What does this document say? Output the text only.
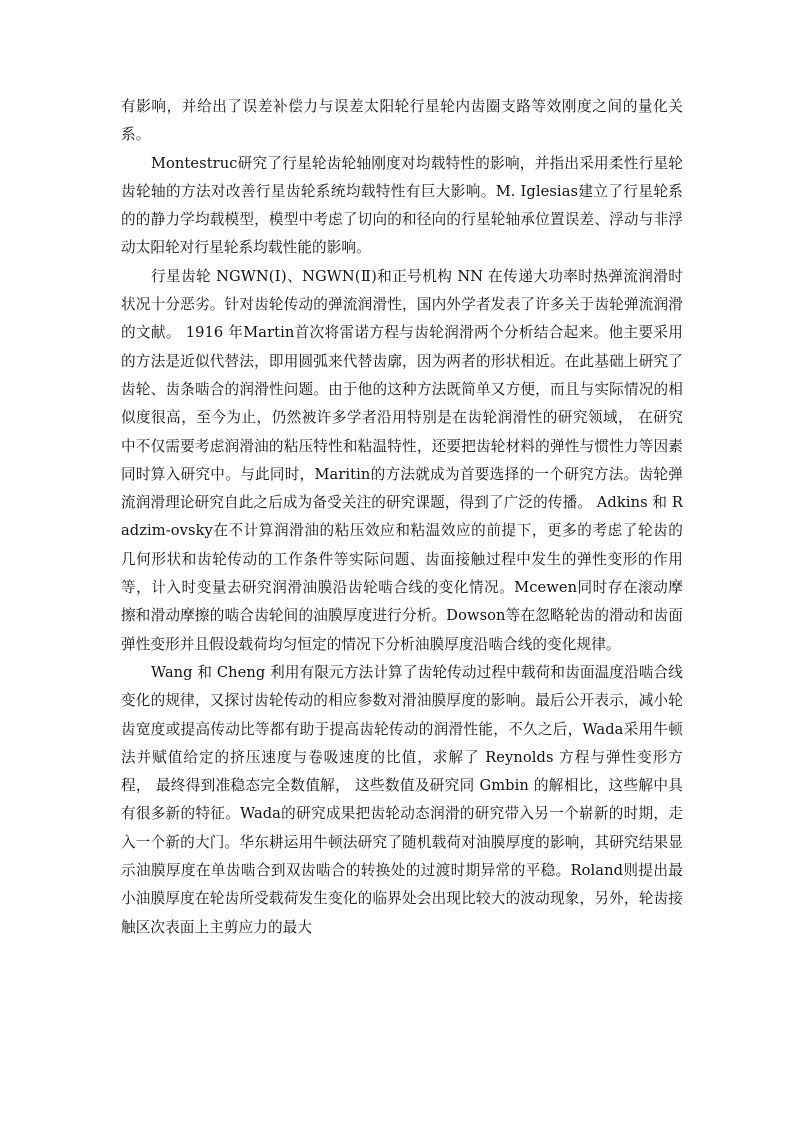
有影响，并给出了误差补偿力与误差太阳轮行星轮内齿圈支路等效刚度之间的量化关系。

Montestruc研究了行星轮齿轮轴刚度对均载特性的影响，并指出采用柔性行星轮齿轮轴的方法对改善行星齿轮系统均载特性有巨大影响。M. Iglesias建立了行星轮系的的静力学均载模型，模型中考虑了切向的和径向的行星轮轴承位置误差、浮动与非浮动太阳轮对行星轮系均载性能的影响。

行星齿轮 NGWN(Ⅰ)、NGWN(Ⅱ)和正号机构 NN 在传递大功率时热弹流润滑时状况十分恶劣。针对齿轮传动的弹流润滑性，国内外学者发表了许多关于齿轮弹流润滑的文献。 1916 年Martin首次将雷诺方程与齿轮润滑两个分析结合起来。他主要采用的方法是近似代替法，即用圆弧来代替齿廓，因为两者的形状相近。在此基础上研究了齿轮、齿条啮合的润滑性问题。由于他的这种方法既简单又方便，而且与实际情况的相似度很高，至今为止，仍然被许多学者沿用特别是在齿轮润滑性的研究领域， 在研究中不仅需要考虑润滑油的粘压特性和粘温特性，还要把齿轮材料的弹性与惯性力等因素同时算入研究中。与此同时，Maritin的方法就成为首要选择的一个研究方法。齿轮弹流润滑理论研究自此之后成为备受关注的研究课题，得到了广泛的传播。 Adkins 和 Radzim-ovsky在不计算润滑油的粘压效应和粘温效应的前提下，更多的考虑了轮齿的几何形状和齿轮传动的工作条件等实际问题、齿面接触过程中发生的弹性变形的作用等，计入时变量去研究润滑油膜沿齿轮啮合线的变化情况。Mcewen同时存在滚动摩擦和滑动摩擦的啮合齿轮间的油膜厚度进行分析。Dowson等在忽略轮齿的滑动和齿面弹性变形并且假设载荷均匀恒定的情况下分析油膜厚度沿啮合线的变化规律。

Wang 和 Cheng 利用有限元方法计算了齿轮传动过程中载荷和齿面温度沿啮合线变化的规律，又探讨齿轮传动的相应参数对滑油膜厚度的影响。最后公开表示，减小轮齿宽度或提高传动比等都有助于提高齿轮传动的润滑性能，不久之后，Wada采用牛顿法并赋值给定的挤压速度与卷吸速度的比值，求解了 Reynolds 方程与弹性变形方程， 最终得到准稳态完全数值解， 这些数值及研究同 Gmbin 的解相比，这些解中具有很多新的特征。Wada的研究成果把齿轮动态润滑的研究带入另一个崭新的时期，走入一个新的大门。华东耕运用牛顿法研究了随机载荷对油膜厚度的影响，其研究结果显示油膜厚度在单齿啮合到双齿啮合的转换处的过渡时期异常的平稳。Roland则提出最小油膜厚度在轮齿所受载荷发生变化的临界处会出现比较大的波动现象，另外，轮齿接触区次表面上主剪应力的最大
